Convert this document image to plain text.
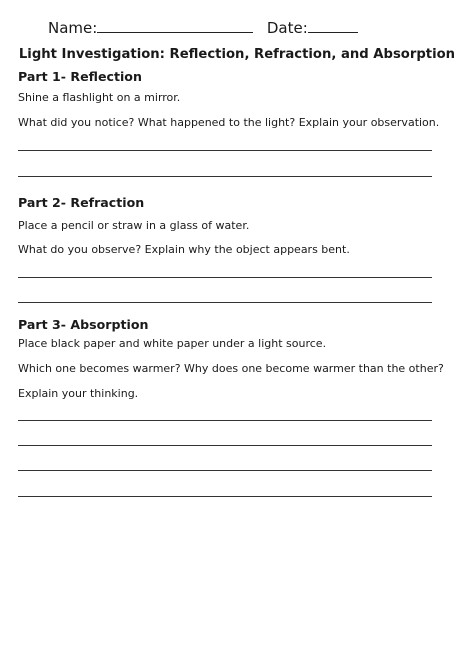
Name:	Date:
Light Investigation: Reflection, Refraction, and Absorption

Part 1- Reflection

Shine a flashlight on a mirror.

What did you notice? What happened to the light? Explain your observation.

Part 2- Refraction

Place a pencil or straw in a glass of water.

What do you observe? Explain why the object appears bent.

Part 3- Absorption

Place black paper and white paper under a light source.

Which one becomes warmer? Why does one become warmer than the other?

Explain your thinking.
